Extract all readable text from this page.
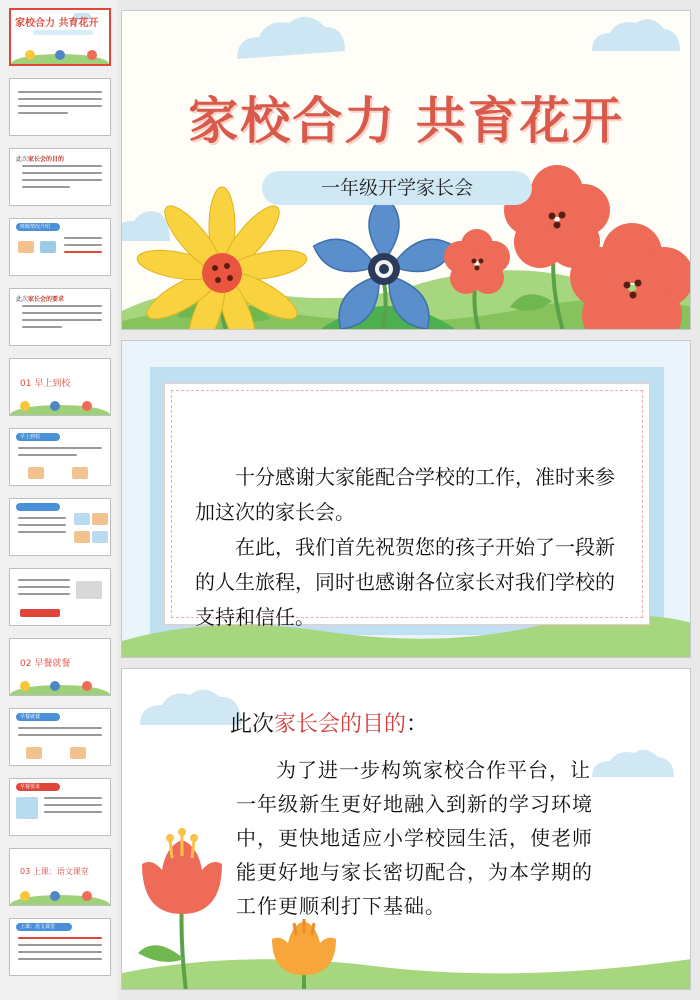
家校合力 共育花开
此次家长会的目的
班级情况介绍
此次家长会的要求
01 早上到校
早上到校
02 早餐就餐
早餐就餐
早餐要求
03 上课：语文课堂
上课：语文课堂
家校合力 共育花开
一年级开学家长会

十分感谢大家能配合学校的工作，准时来参加这次的家长会。

在此，我们首先祝贺您的孩子开始了一段新的人生旅程，同时也感谢各位家长对我们学校的支持和信任。

此次家长会的目的：
为了进一步构筑家校合作平台，让一年级新生更好地融入到新的学习环境中，更快地适应小学校园生活，使老师能更好地与家长密切配合，为本学期的工作更顺利打下基础。
